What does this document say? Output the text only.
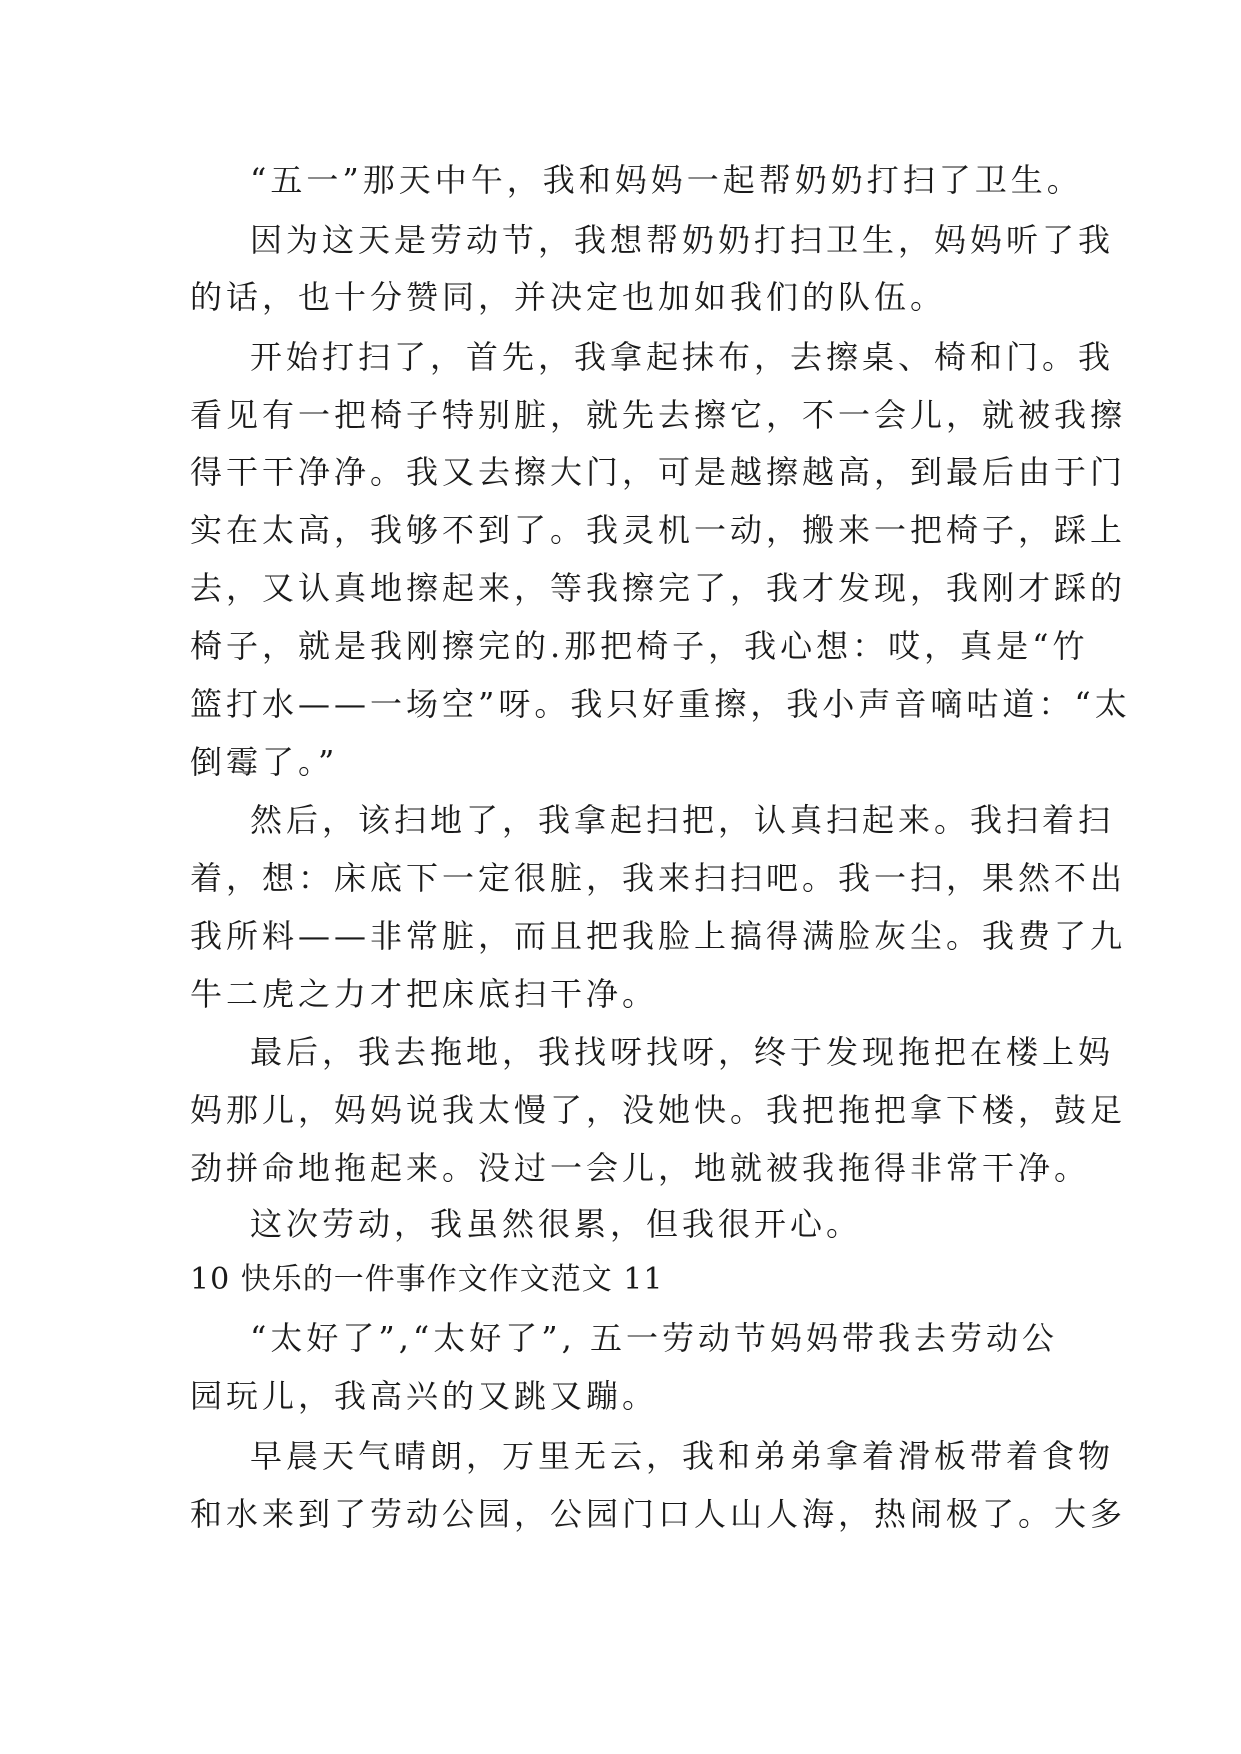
“五一”那天中午，我和妈妈一起帮奶奶打扫了卫生。
因为这天是劳动节，我想帮奶奶打扫卫生，妈妈听了我
的话，也十分赞同，并决定也加如我们的队伍。
开始打扫了，首先，我拿起抹布，去擦桌、椅和门。我
看见有一把椅子特别脏，就先去擦它，不一会儿，就被我擦
得干干净净。我又去擦大门，可是越擦越高，到最后由于门
实在太高，我够不到了。我灵机一动，搬来一把椅子，踩上
去，又认真地擦起来，等我擦完了，我才发现，我刚才踩的
椅子，就是我刚擦完的.那把椅子，我心想：哎，真是“竹
篮打水——一场空”呀。我只好重擦，我小声音嘀咕道：“太
倒霉了。”
然后，该扫地了，我拿起扫把，认真扫起来。我扫着扫
着，想：床底下一定很脏，我来扫扫吧。我一扫，果然不出
我所料——非常脏，而且把我脸上搞得满脸灰尘。我费了九
牛二虎之力才把床底扫干净。
最后，我去拖地，我找呀找呀，终于发现拖把在楼上妈
妈那儿，妈妈说我太慢了，没她快。我把拖把拿下楼，鼓足
劲拼命地拖起来。没过一会儿，地就被我拖得非常干净。
这次劳动，我虽然很累，但我很开心。
10 快乐的一件事作文作文范文 11
“太好了”,“太好了”, 五一劳动节妈妈带我去劳动公
园玩儿，我高兴的又跳又蹦。
早晨天气晴朗，万里无云，我和弟弟拿着滑板带着食物
和水来到了劳动公园，公园门口人山人海，热闹极了。大多
